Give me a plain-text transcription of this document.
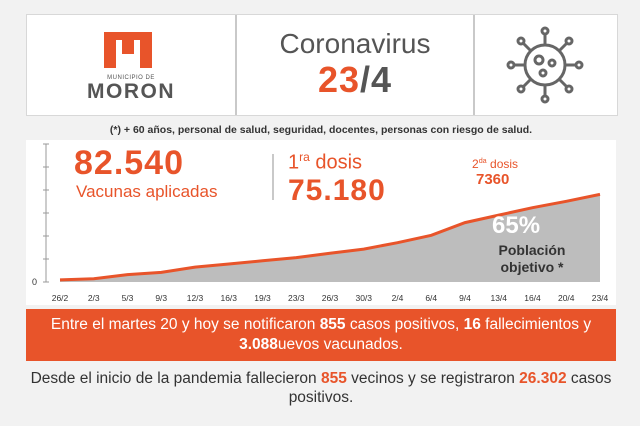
MUNICIPIO DE
MORON
Coronavirus
23/4
(*) + 60 años, personal de salud, seguridad, docentes, personas con riesgo de salud.
0
26/2 2/3	5/3	9/3 12/3 16/3 19/3 23/3 26/3 30/3 2/4	6/4	9/4 13/4 16/4 20/4 23/4
82.540
Vacunas aplicadas
$1^{ra}$ dosis
75.180
$2^{da}$ dosis
7360
65%
Población
objetivo *
Entre el martes 20 y hoy se notificaron 855 casos positivos, 16 fallecimientos y 3.088uevos vacunados.
Desde el inicio de la pandemia fallecieron 855 vecinos y se registraron 26.302 casos positivos.
